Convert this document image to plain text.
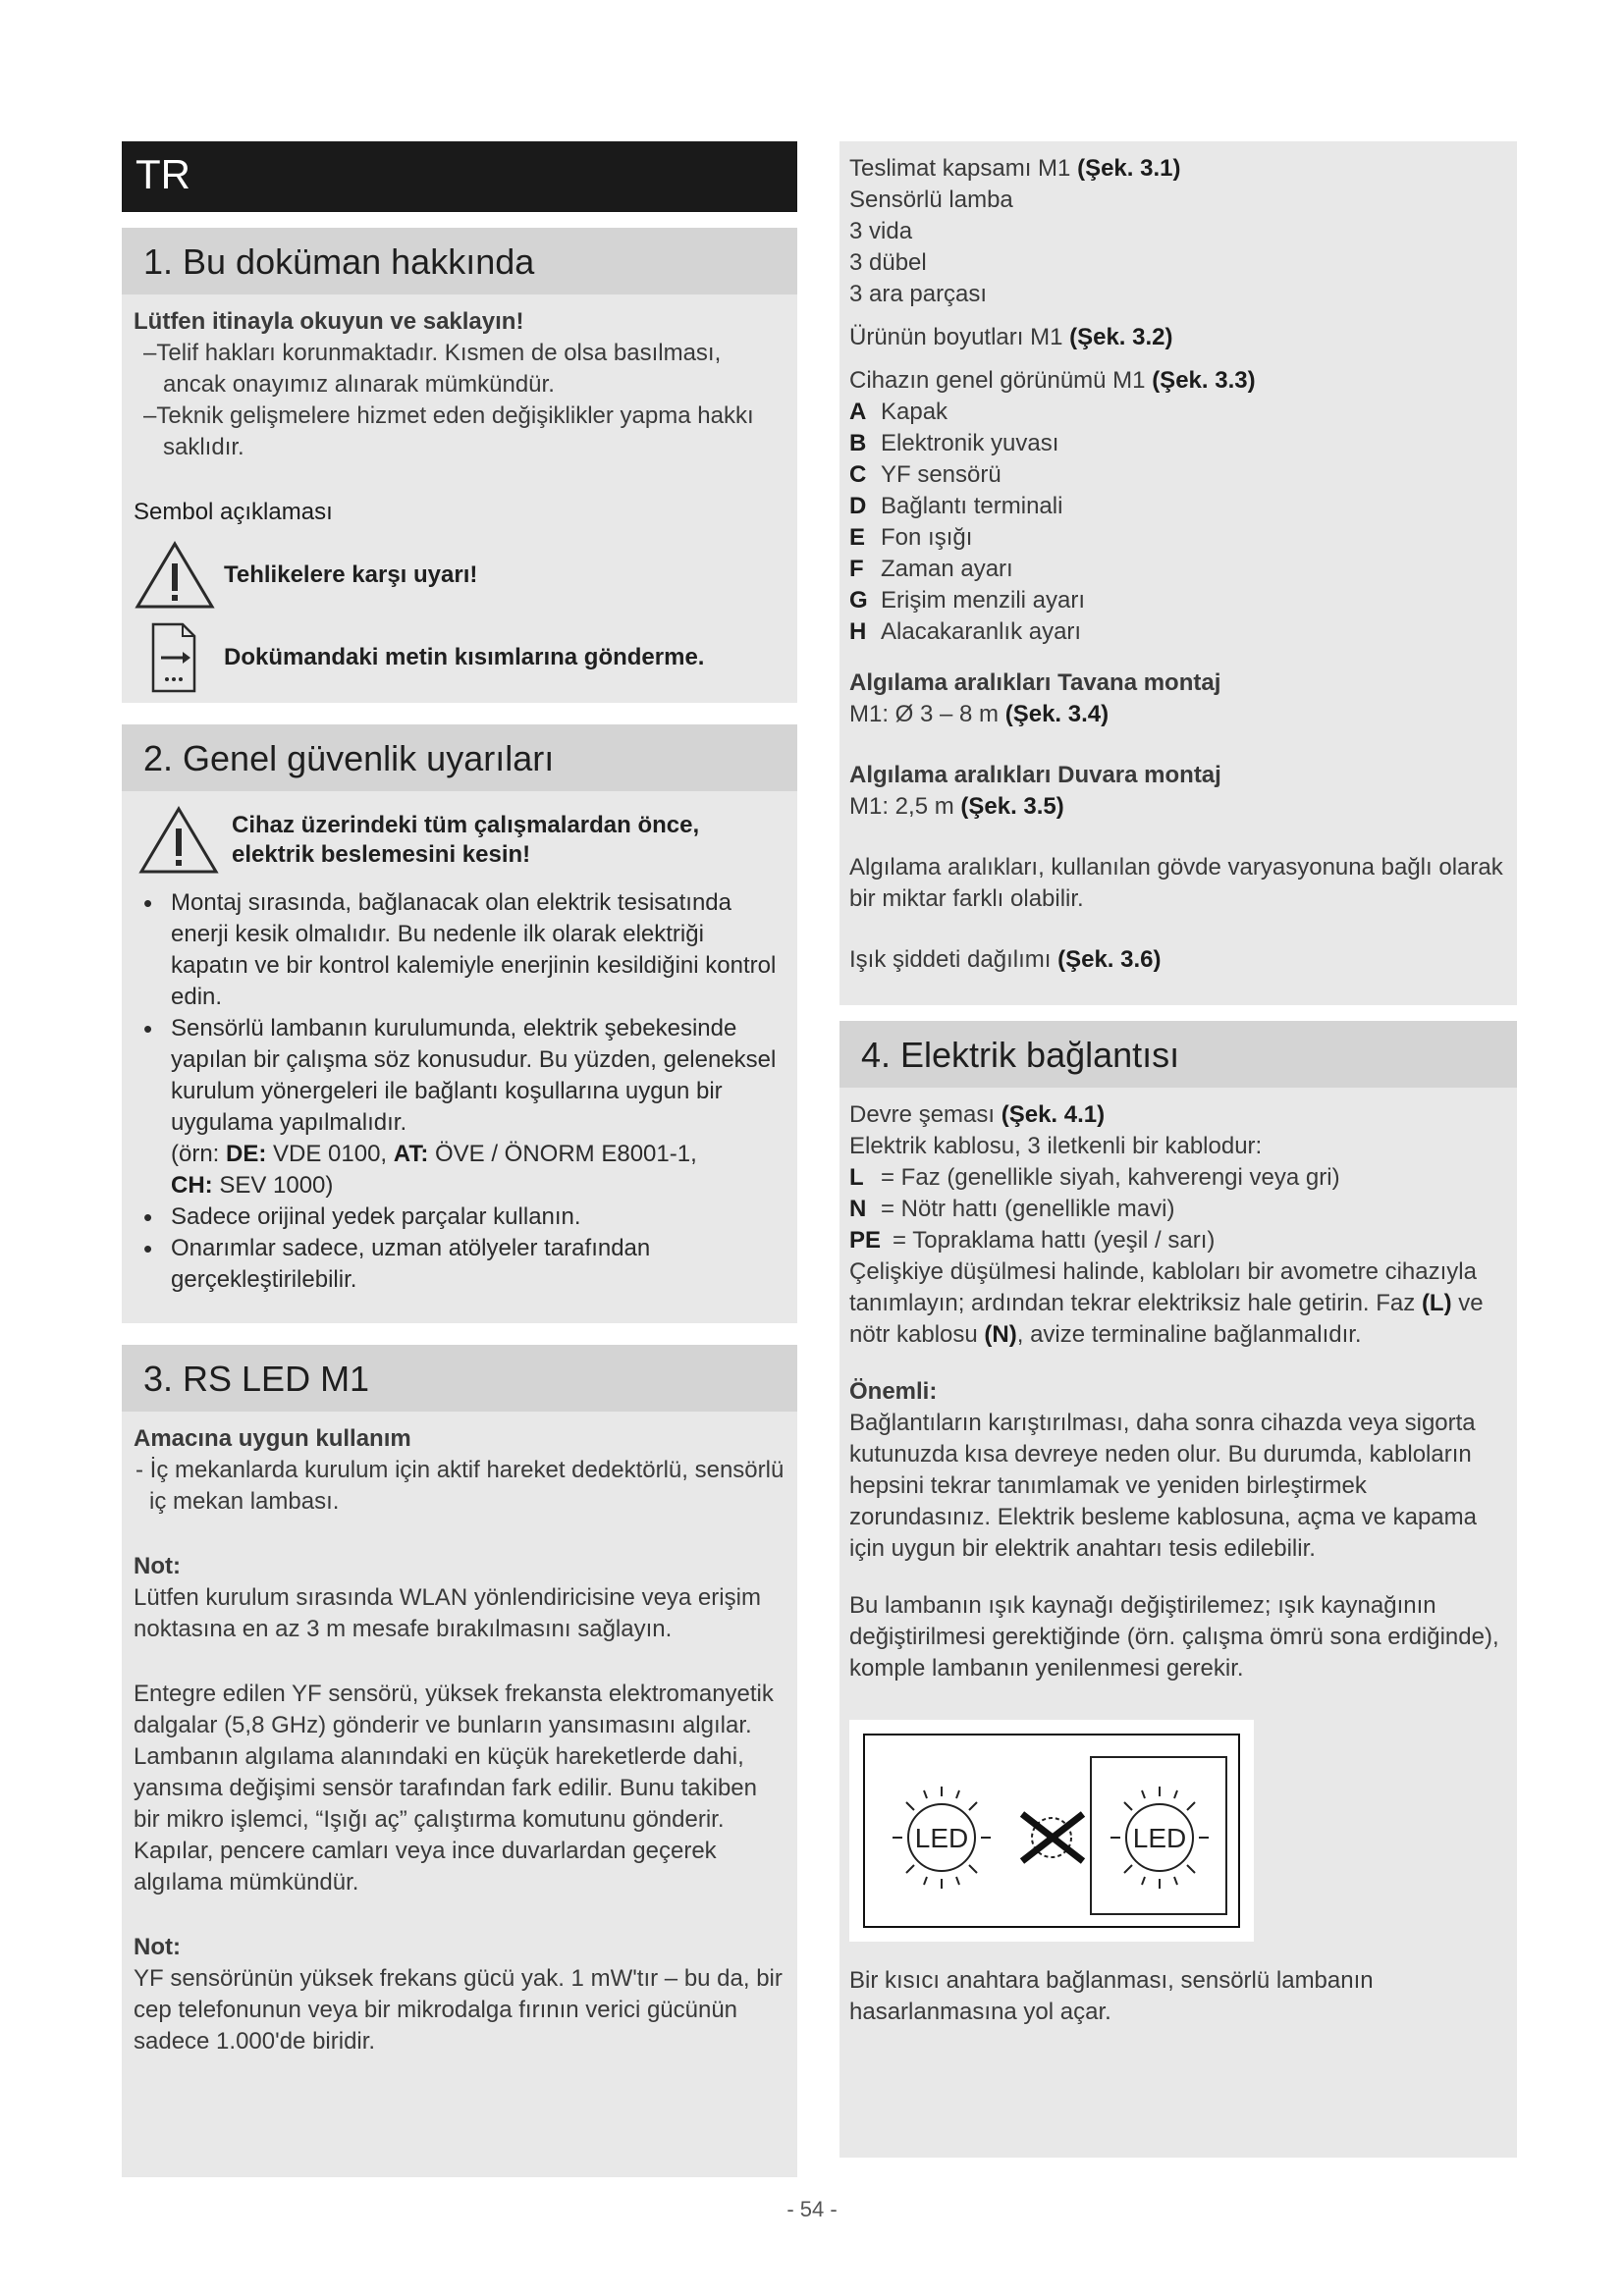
TR
1. Bu doküman hakkında

Lütfen itinayla okuyun ve saklayın!

–Telif hakları korunmaktadır. Kısmen de olsa basılması, ancak onayımız alınarak mümkündür.

–Teknik gelişmelere hizmet eden değişiklikler yapma hakkı saklıdır.

Sembol açıklaması

Tehlikelere karşı uyarı!
Dokümandaki metin kısımlarına gönderme.
2. Genel güvenlik uyarıları
Cihaz üzerindeki tüm çalışmalardan önce, elektrik beslemesini kesin!
• Montaj sırasında, bağlanacak olan elektrik tesisatında enerji kesik olmalıdır. Bu nedenle ilk olarak elektriği kapatın ve bir kontrol kalemiyle enerjinin kesildiğini kontrol edin.
• Sensörlü lambanın kurulumunda, elektrik şebekesinde yapılan bir çalışma söz konusudur. Bu yüzden, geleneksel kurulum yönergeleri ile bağlantı koşullarına uygun bir uygulama yapılmalıdır.
(örn: DE: VDE 0100, AT: ÖVE / ÖNORM E8001-1,
CH: SEV 1000)
• Sadece orijinal yedek parçalar kullanın.
• Onarımlar sadece, uzman atölyeler tarafından gerçekleştirilebilir.
3. RS LED M1

Amacına uygun kullanım

- İç mekanlarda kurulum için aktif hareket dedektörlü, sensörlü iç mekan lambası.

Not:

Lütfen kurulum sırasında WLAN yönlendiricisine veya erişim noktasına en az 3 m mesafe bırakılmasını sağlayın.

Entegre edilen YF sensörü, yüksek frekansta elektromanyetik dalgalar (5,8 GHz) gönderir ve bunların yansımasını algılar. Lambanın algılama alanındaki en küçük hareketlerde dahi, yansıma değişimi sensör tarafından fark edilir. Bunu takiben bir mikro işlemci, “Işığı aç” çalıştırma komutunu gönderir. Kapılar, pencere camları veya ince duvarlardan geçerek algılama mümkündür.

Not:

YF sensörünün yüksek frekans gücü yak. 1 mW'tır – bu da, bir cep telefonunun veya bir mikrodalga fırının verici gücünün sadece 1.000'de biridir.

Teslimat kapsamı M1 (Şek. 3.1)

Sensörlü lamba

3 vida

3 dübel

3 ara parçası

Ürünün boyutları M1 (Şek. 3.2)

Cihazın genel görünümü M1 (Şek. 3.3)

A Kapak
B Elektronik yuvası
C YF sensörü
D Bağlantı terminali
E Fon ışığı
F Zaman ayarı
G Erişim menzili ayarı
H Alacakaranlık ayarı

Algılama aralıkları Tavana montaj

M1: Ø 3 – 8 m (Şek. 3.4)

Algılama aralıkları Duvara montaj

M1: 2,5 m (Şek. 3.5)

Algılama aralıkları, kullanılan gövde varyasyonuna bağlı olarak bir miktar farklı olabilir.

Işık şiddeti dağılımı (Şek. 3.6)

4. Elektrik bağlantısı

Devre şeması (Şek. 4.1)

Elektrik kablosu, 3 iletkenli bir kablodur:

L = Faz (genellikle siyah, kahverengi veya gri)
N = Nötr hattı (genellikle mavi)
PE = Topraklama hattı (yeşil / sarı)

Çelişkiye düşülmesi halinde, kabloları bir avometre cihazıyla tanımlayın; ardından tekrar elektriksiz hale getirin. Faz (L) ve nötr kablosu (N), avize terminaline bağlanmalıdır.

Önemli:

Bağlantıların karıştırılması, daha sonra cihazda veya sigorta kutunuzda kısa devreye neden olur. Bu durumda, kabloların hepsini tekrar tanımlamak ve yeniden birleştirmek zorundasınız. Elektrik besleme kablosuna, açma ve kapama için uygun bir elektrik anahtarı tesis edilebilir.

Bu lambanın ışık kaynağı değiştirilemez; ışık kaynağının değiştirilmesi gerektiğinde (örn. çalışma ömrü sona erdiğinde), komple lambanın yenilenmesi gerekir.

LED	LED

Bir kısıcı anahtara bağlanması, sensörlü lambanın hasarlanmasına yol açar.

- 54 -
